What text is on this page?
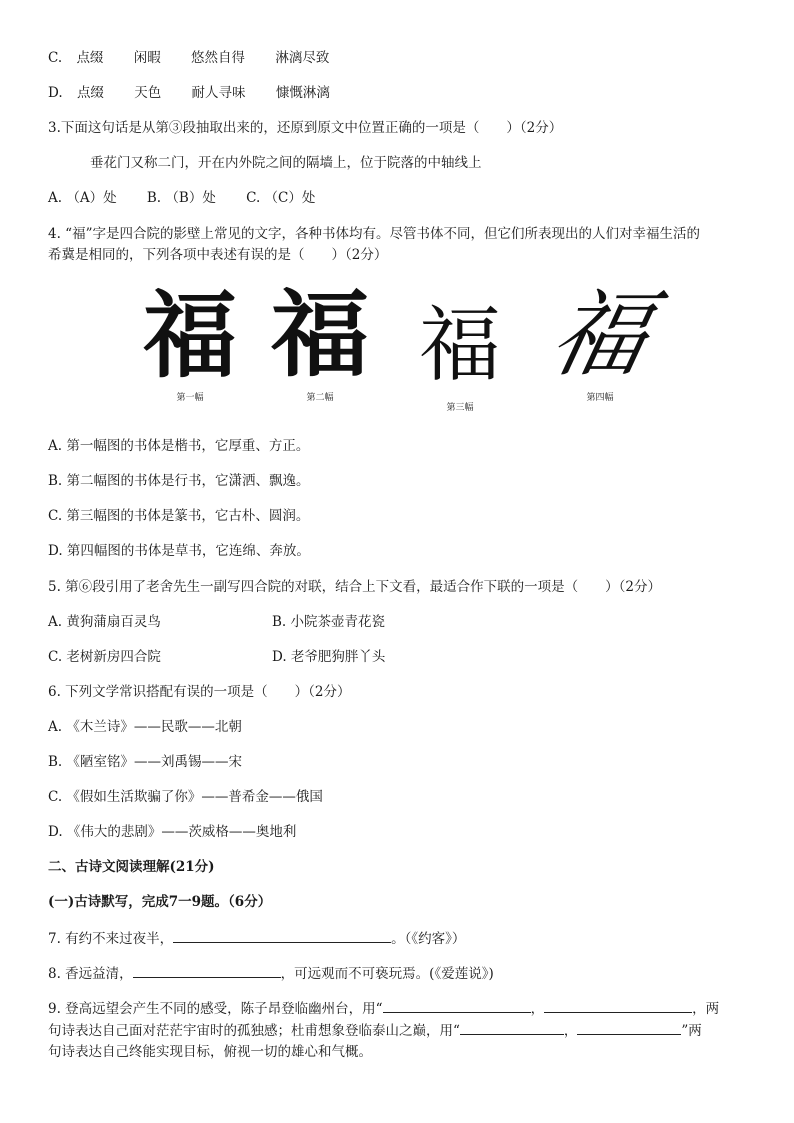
C. 点缀 闲暇 悠然自得 淋漓尽致
D. 点缀 天色 耐人寻味 慷慨淋漓
3.下面这句话是从第③段抽取出来的，还原到原文中位置正确的一项是（　　）（2分）
垂花门又称二门，开在内外院之间的隔墙上，位于院落的中轴线上
A. （A）处 B. （B）处 C. （C）处
4. “福”字是四合院的影壁上常见的文字，各种书体均有。尽管书体不同，但它们所表现出的人们对幸福生活的
希冀是相同的，下列各项中表述有误的是（　　）（2分）
福
第一幅
福
第二幅
福
第三幅
福
第四幅
A. 第一幅图的书体是楷书，它厚重、方正。
B. 第二幅图的书体是行书，它潇洒、飘逸。
C. 第三幅图的书体是篆书，它古朴、圆润。
D. 第四幅图的书体是草书，它连绵、奔放。
5. 第⑥段引用了老舍先生一副写四合院的对联，结合上下文看，最适合作下联的一项是（　　）（2分）
A. 黄狗蒲扇百灵鸟	B. 小院茶壶青花瓷
C. 老树新房四合院	D. 老爷肥狗胖丫头
6. 下列文学常识搭配有误的一项是（　　）（2分）
A. 《木兰诗》——民歌——北朝
B. 《陋室铭》——刘禹锡——宋
C. 《假如生活欺骗了你》——普希金——俄国
D. 《伟大的悲剧》——茨威格——奥地利
二、古诗文阅读理解(21分)
(一)古诗默写，完成7一9题。（6分）
7. 有约不来过夜半，	。（《约客》）
8. 香远益清，	，可远观而不可亵玩焉。(《爱莲说》)
9. 登高远望会产生不同的感受，陈子昂登临幽州台，用“	，	，两
句诗表达自己面对茫茫宇宙时的孤独感；杜甫想象登临泰山之巅，用“	，	”两
句诗表达自己终能实现目标，俯视一切的雄心和气概。
